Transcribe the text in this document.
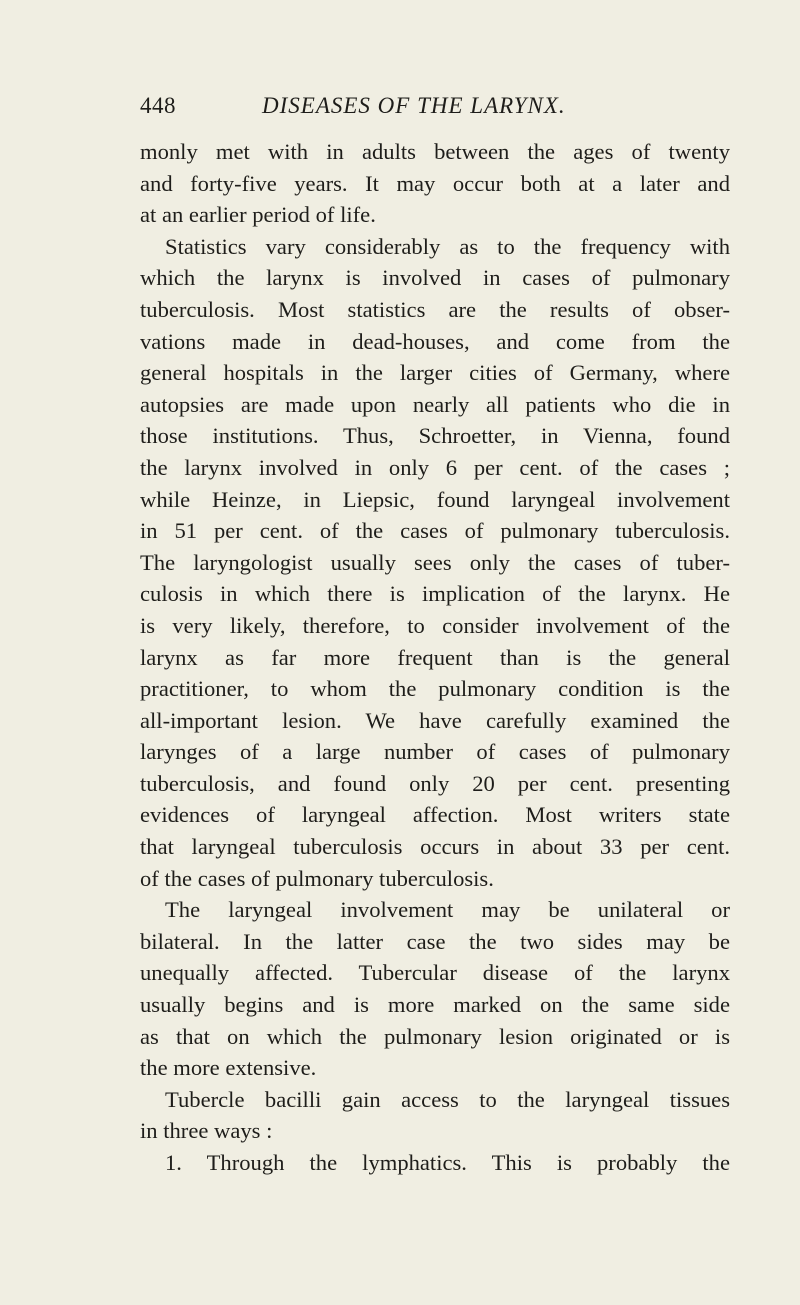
448	DISEASES OF THE LARYNX.
monly met with in adults between the ages of twenty
and forty-five years. It may occur both at a later and
at an earlier period of life.
Statistics vary considerably as to the frequency with
which the larynx is involved in cases of pulmonary
tuberculosis. Most statistics are the results of obser-
vations made in dead-houses, and come from the
general hospitals in the larger cities of Germany, where
autopsies are made upon nearly all patients who die in
those institutions. Thus, Schroetter, in Vienna, found
the larynx involved in only 6 per cent. of the cases ;
while Heinze, in Liepsic, found laryngeal involvement
in 51 per cent. of the cases of pulmonary tuberculosis.
The laryngologist usually sees only the cases of tuber-
culosis in which there is implication of the larynx. He
is very likely, therefore, to consider involvement of the
larynx as far more frequent than is the general
practitioner, to whom the pulmonary condition is the
all-important lesion. We have carefully examined the
larynges of a large number of cases of pulmonary
tuberculosis, and found only 20 per cent. presenting
evidences of laryngeal affection. Most writers state
that laryngeal tuberculosis occurs in about 33 per cent.
of the cases of pulmonary tuberculosis.
The laryngeal involvement may be unilateral or
bilateral. In the latter case the two sides may be
unequally affected. Tubercular disease of the larynx
usually begins and is more marked on the same side
as that on which the pulmonary lesion originated or is
the more extensive.
Tubercle bacilli gain access to the laryngeal tissues
in three ways :
1. Through the lymphatics. This is probably the
